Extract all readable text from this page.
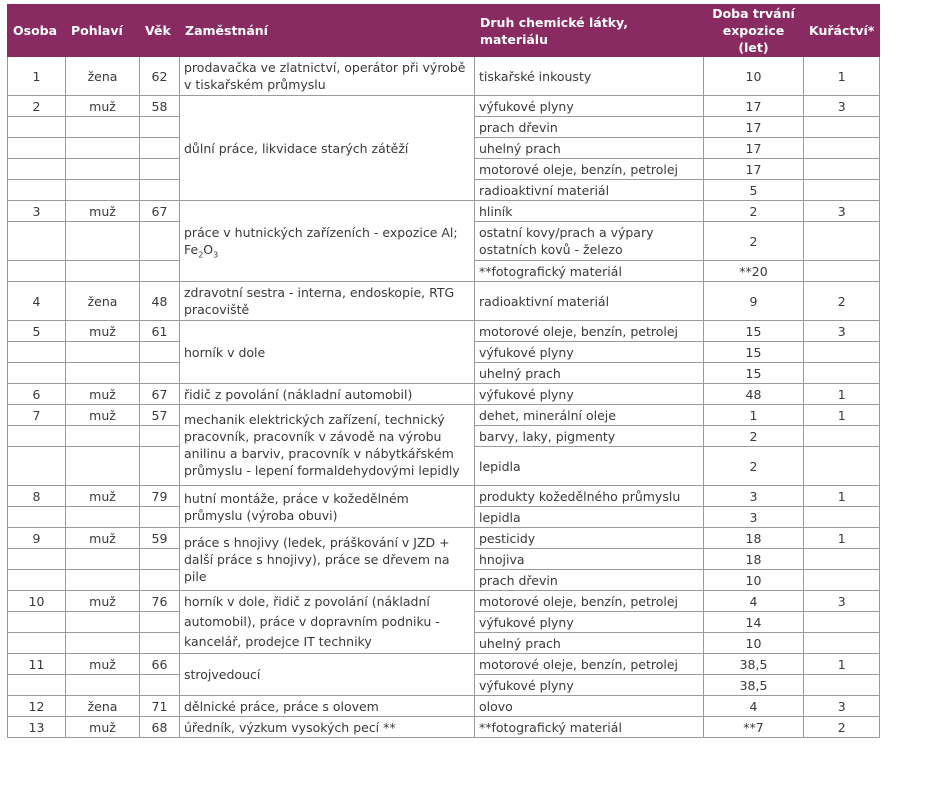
Osoba	Pohlaví	Věk	Zaměstnání	Druh chemické látky, materiálu	Doba trvání expozice (let)	Kuřáctví*
1	žena	62	prodavačka ve zlatnictví, operátor při výrobě v tiskařském průmyslu	tiskařské inkousty	10	1
2	muž	58	důlní práce, likvidace starých zátěží	výfukové plyny	17	3
				prach dřevin	17	
				uhelný prach	17	
				motorové oleje, benzín, petrolej	17	
				radioaktivní materiál	5	
3	muž	67	práce v hutnických zařízeních - expozice Al; $Fe_2O_3$	hliník	2	3
				ostatní kovy/prach a výpary ostatních kovů - železo	2	
				**fotografický materiál	**20	
4	žena	48	zdravotní sestra - interna, endoskopie, RTG pracoviště	radioaktivní materiál	9	2
5	muž	61	horník v dole	motorové oleje, benzín, petrolej	15	3
				výfukové plyny	15	
				uhelný prach	15	
6	muž	67	řidič z povolání (nákladní automobil)	výfukové plyny	48	1
7	muž	57	mechanik elektrických zařízení, technický pracovník, pracovník v závodě na výrobu anilinu a barviv, pracovník v nábytkářském průmyslu - lepení formaldehydovými lepidly	dehet, minerální oleje	1	1
				barvy, laky, pigmenty	2	
				lepidla	2	
8	muž	79	hutní montáže, práce v kožedělném průmyslu (výroba obuvi)	produkty kožedělného průmyslu	3	1
				lepidla	3	
9	muž	59	práce s hnojivy (ledek, práškování v JZD + další práce s hnojivy), práce se dřevem na pile	pesticidy	18	1
				hnojiva	18	
				prach dřevin	10	
10	muž	76	horník v dole, řidič z povolání (nákladní automobil), práce v dopravním podniku - kancelář, prodejce IT techniky	motorové oleje, benzín, petrolej	4	3
				výfukové plyny	14	
				uhelný prach	10	
11	muž	66	strojvedoucí	motorové oleje, benzín, petrolej	38,5	1
				výfukové plyny	38,5	
12	žena	71	dělnické práce, práce s olovem	olovo	4	3
13	muž	68	úředník, výzkum vysokých pecí **	**fotografický materiál	**7	2
